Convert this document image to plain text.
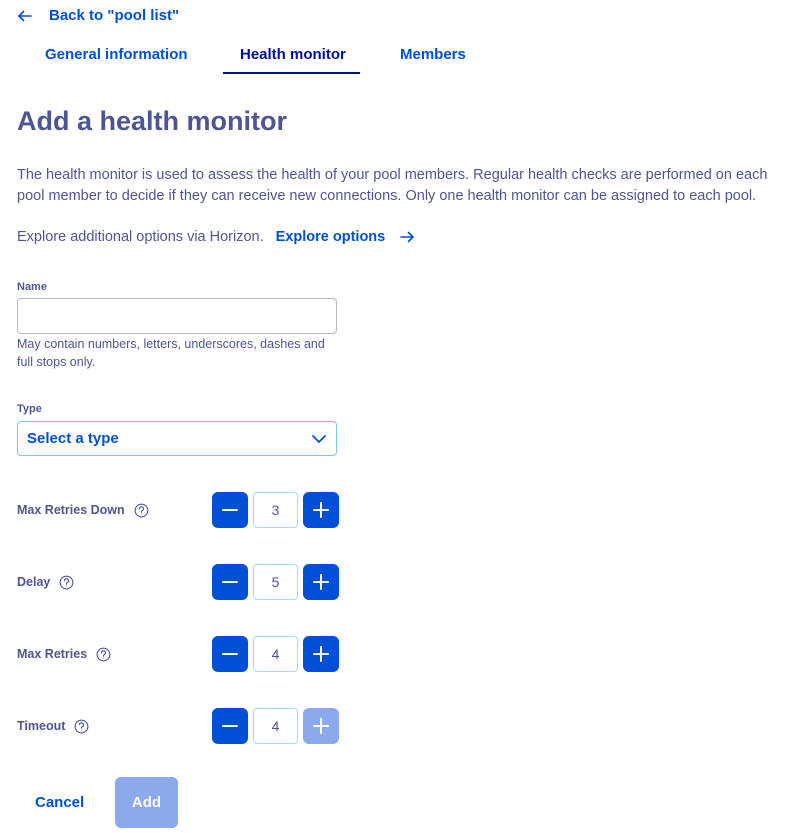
Back to "pool list"
General information	Health monitor	Members
Add a health monitor

The health monitor is used to assess the health of your pool members. Regular health checks are performed on each pool member to decide if they can receive new connections. Only one health monitor can be assigned to each pool.

Explore additional options via Horizon. Explore options
Name

May contain numbers, letters, underscores, dashes and full stops only.

Type
Select a type
Max Retries Down	3
Delay	5
Max Retries	4
Timeout	4
Cancel	Add
